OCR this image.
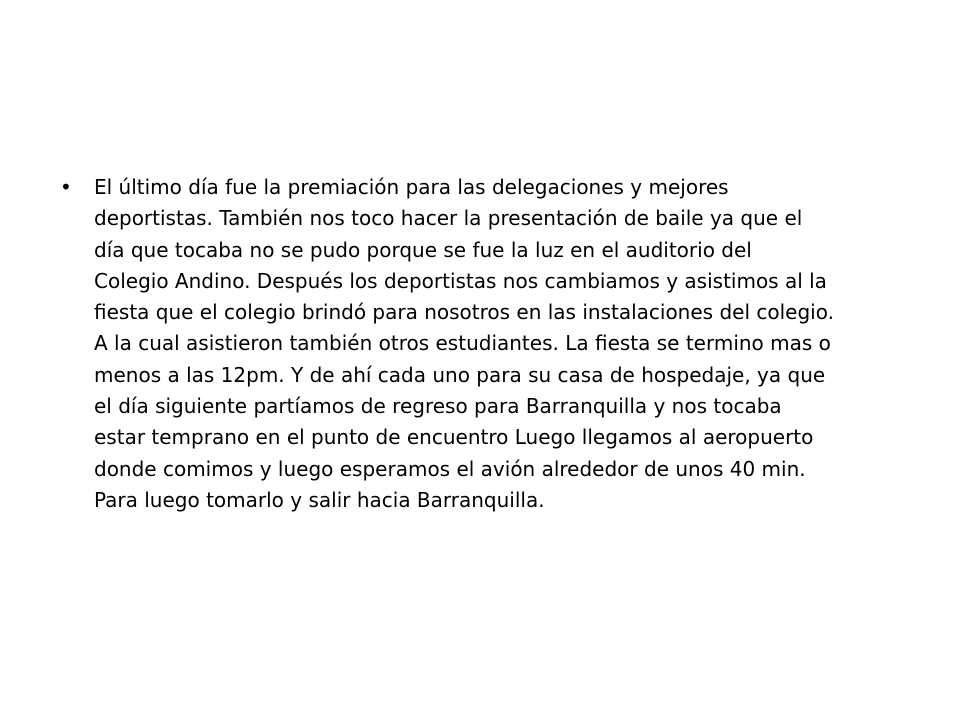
• El último día fue la premiación para las delegaciones y mejores
deportistas. También nos toco hacer la presentación de baile ya que el
día que tocaba no se pudo porque se fue la luz en el auditorio del
Colegio Andino. Después los deportistas nos cambiamos y asistimos al la
fiesta que el colegio brindó para nosotros en las instalaciones del colegio.
A la cual asistieron también otros estudiantes. La fiesta se termino mas o
menos a las 12pm. Y de ahí cada uno para su casa de hospedaje, ya que
el día siguiente partíamos de regreso para Barranquilla y nos tocaba
estar temprano en el punto de encuentro Luego llegamos al aeropuerto
donde comimos y luego esperamos el avión alrededor de unos 40 min.
Para luego tomarlo y salir hacia Barranquilla.
